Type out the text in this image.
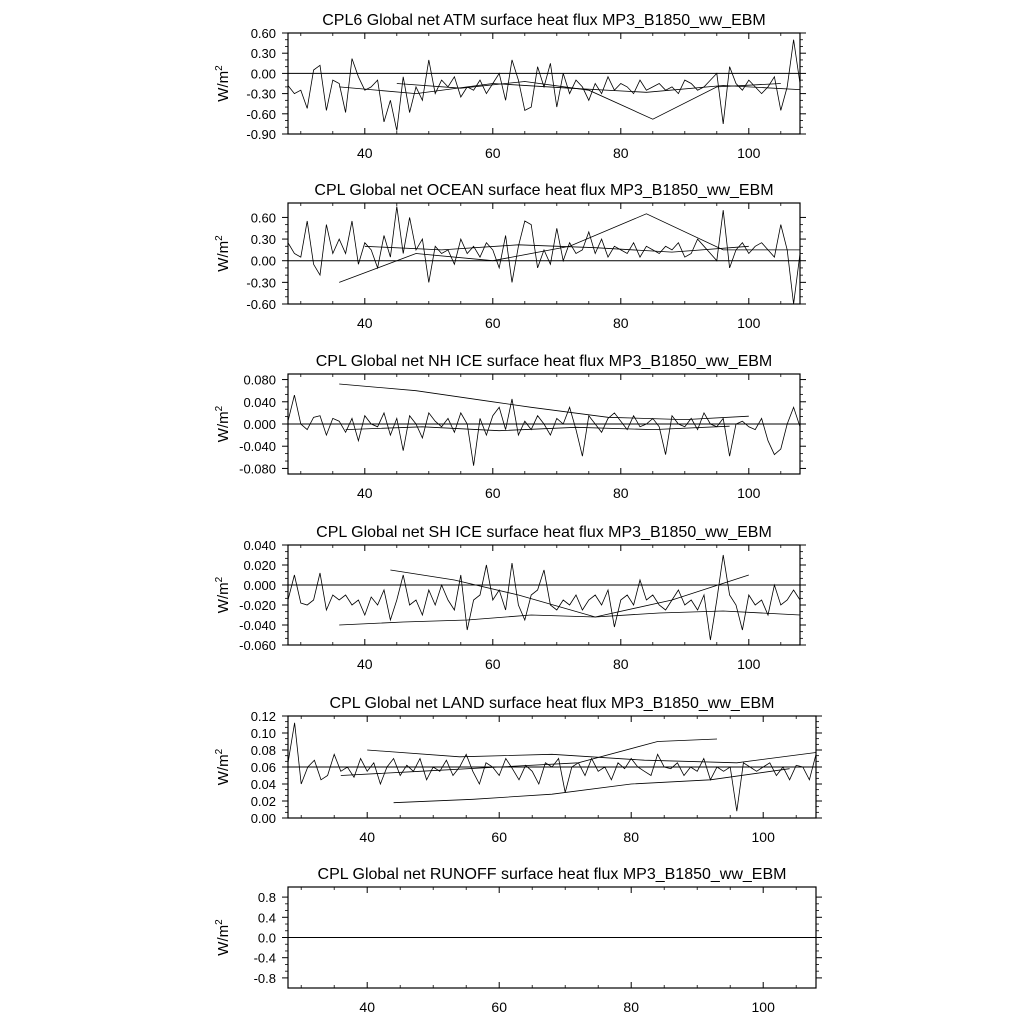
CPL6 Global net ATM surface heat flux MP3_B1850_ww_EBM
40	60	80	100
0.60
0.30
0.00
-0.30
-0.60
-0.90
$W/m^2$
CPL Global net OCEAN surface heat flux MP3_B1850_ww_EBM
40	60	80	100
0.60
0.30
0.00
-0.30
-0.60
$W/m^2$
CPL Global net NH ICE surface heat flux MP3_B1850_ww_EBM
40	60	80	100
0.080
0.040
0.000
-0.040
-0.080
$W/m^2$
CPL Global net SH ICE surface heat flux MP3_B1850_ww_EBM
40	60	80	100
0.040
0.020
0.000
-0.020
-0.040
-0.060
$W/m^2$
CPL Global net LAND surface heat flux MP3_B1850_ww_EBM
40	60	80	100
0.12
0.10
0.08
0.06
0.04
0.02
0.00
$W/m^2$
CPL Global net RUNOFF surface heat flux MP3_B1850_ww_EBM
40	60	80	100
0.8
0.4
0.0
-0.4
-0.8
$W/m^2$
